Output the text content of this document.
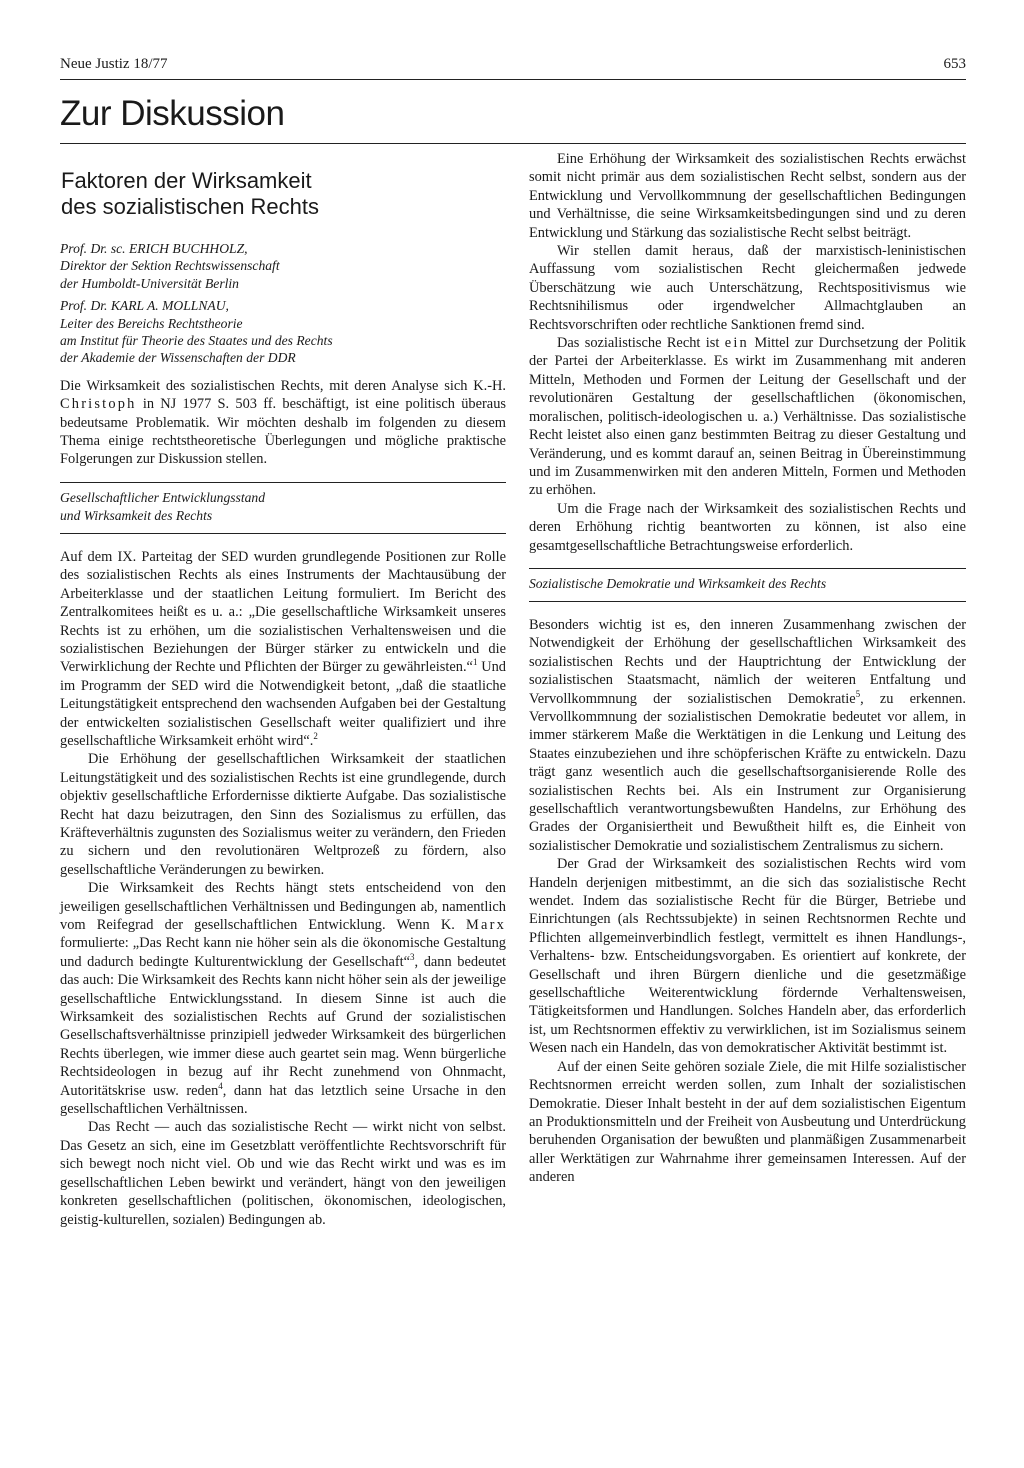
Neue Justiz 18/77	653
Zur Diskussion
Faktoren der Wirksamkeit
des sozialistischen Rechts
Prof. Dr. sc. ERICH BUCHHOLZ,
Direktor der Sektion Rechtswissenschaft
der Humboldt-Universität Berlin
Prof. Dr. KARL A. MOLLNAU,
Leiter des Bereichs Rechtstheorie
am Institut für Theorie des Staates und des Rechts
der Akademie der Wissenschaften der DDR

Die Wirksamkeit des sozialistischen Rechts, mit deren Analyse sich K.-H. Christoph in NJ 1977 S. 503 ff. beschäftigt, ist eine politisch überaus bedeutsame Problematik. Wir möchten deshalb im folgenden zu diesem Thema einige rechtstheoretische Überlegungen und mögliche praktische Folgerungen zur Diskussion stellen.

Gesellschaftlicher Entwicklungsstand
und Wirksamkeit des Rechts

Auf dem IX. Parteitag der SED wurden grundlegende Positionen zur Rolle des sozialistischen Rechts als eines Instruments der Machtausübung der Arbeiterklasse und der staatlichen Leitung formuliert. Im Bericht des Zentralkomitees heißt es u. a.: „Die gesellschaftliche Wirksamkeit unseres Rechts ist zu erhöhen, um die sozialistischen Verhaltensweisen und die sozialistischen Beziehungen der Bürger stärker zu entwickeln und die Verwirklichung der Rechte und Pflichten der Bürger zu gewährleisten.“$^1$ Und im Programm der SED wird die Notwendigkeit betont, „daß die staatliche Leitungstätigkeit entsprechend den wachsenden Aufgaben bei der Gestaltung der entwickelten sozialistischen Gesellschaft weiter qualifiziert und ihre gesellschaftliche Wirksamkeit erhöht wird“.$^2$

Die Erhöhung der gesellschaftlichen Wirksamkeit der staatlichen Leitungstätigkeit und des sozialistischen Rechts ist eine grundlegende, durch objektiv gesellschaftliche Erfordernisse diktierte Aufgabe. Das sozialistische Recht hat dazu beizutragen, den Sinn des Sozialismus zu erfüllen, das Kräfteverhältnis zugunsten des Sozialismus weiter zu verändern, den Frieden zu sichern und den revolutionären Weltprozeß zu fördern, also gesellschaftliche Veränderungen zu bewirken.

Die Wirksamkeit des Rechts hängt stets entscheidend von den jeweiligen gesellschaftlichen Verhältnissen und Bedingungen ab, namentlich vom Reifegrad der gesellschaftlichen Entwicklung. Wenn K. Marx formulierte: „Das Recht kann nie höher sein als die ökonomische Gestaltung und dadurch bedingte Kulturentwicklung der Gesellschaft“$^3$, dann bedeutet das auch: Die Wirksamkeit des Rechts kann nicht höher sein als der jeweilige gesellschaftliche Entwicklungsstand. In diesem Sinne ist auch die Wirksamkeit des sozialistischen Rechts auf Grund der sozialistischen Gesellschaftsverhältnisse prinzipiell jedweder Wirksamkeit des bürgerlichen Rechts überlegen, wie immer diese auch geartet sein mag. Wenn bürgerliche Rechtsideologen in bezug auf ihr Recht zunehmend von Ohnmacht, Autoritätskrise usw. reden$^4$, dann hat das letztlich seine Ursache in den gesellschaftlichen Verhältnissen.

Das Recht — auch das sozialistische Recht — wirkt nicht von selbst. Das Gesetz an sich, eine im Gesetzblatt veröffentlichte Rechtsvorschrift für sich bewegt noch nicht viel. Ob und wie das Recht wirkt und was es im gesellschaftlichen Leben bewirkt und verändert, hängt von den jeweiligen konkreten gesellschaftlichen (politischen, ökonomischen, ideologischen, geistig-kulturellen, sozialen) Bedingungen ab.

Eine Erhöhung der Wirksamkeit des sozialistischen Rechts erwächst somit nicht primär aus dem sozialistischen Recht selbst, sondern aus der Entwicklung und Vervollkommnung der gesellschaftlichen Bedingungen und Verhältnisse, die seine Wirksamkeitsbedingungen sind und zu deren Entwicklung und Stärkung das sozialistische Recht selbst beiträgt.

Wir stellen damit heraus, daß der marxistisch-leninistischen Auffassung vom sozialistischen Recht gleichermaßen jedwede Überschätzung wie auch Unterschätzung, Rechtspositivismus wie Rechtsnihilismus oder irgendwelcher Allmachtglauben an Rechtsvorschriften oder rechtliche Sanktionen fremd sind.

Das sozialistische Recht ist ein Mittel zur Durchsetzung der Politik der Partei der Arbeiterklasse. Es wirkt im Zusammenhang mit anderen Mitteln, Methoden und Formen der Leitung der Gesellschaft und der revolutionären Gestaltung der gesellschaftlichen (ökonomischen, moralischen, politisch-ideologischen u. a.) Verhältnisse. Das sozialistische Recht leistet also einen ganz bestimmten Beitrag zu dieser Gestaltung und Veränderung, und es kommt darauf an, seinen Beitrag in Übereinstimmung und im Zusammenwirken mit den anderen Mitteln, Formen und Methoden zu erhöhen.

Um die Frage nach der Wirksamkeit des sozialistischen Rechts und deren Erhöhung richtig beantworten zu können, ist also eine gesamtgesellschaftliche Betrachtungsweise erforderlich.

Sozialistische Demokratie und Wirksamkeit des Rechts

Besonders wichtig ist es, den inneren Zusammenhang zwischen der Notwendigkeit der Erhöhung der gesellschaftlichen Wirksamkeit des sozialistischen Rechts und der Hauptrichtung der Entwicklung der sozialistischen Staatsmacht, nämlich der weiteren Entfaltung und Vervollkommnung der sozialistischen Demokratie$^5$, zu erkennen. Vervollkommnung der sozialistischen Demokratie bedeutet vor allem, in immer stärkerem Maße die Werktätigen in die Lenkung und Leitung des Staates einzubeziehen und ihre schöpferischen Kräfte zu entwickeln. Dazu trägt ganz wesentlich auch die gesellschaftsorganisierende Rolle des sozialistischen Rechts bei. Als ein Instrument zur Organisierung gesellschaftlich verantwortungsbewußten Handelns, zur Erhöhung des Grades der Organisiertheit und Bewußtheit hilft es, die Einheit von sozialistischer Demokratie und sozialistischem Zentralismus zu sichern.

Der Grad der Wirksamkeit des sozialistischen Rechts wird vom Handeln derjenigen mitbestimmt, an die sich das sozialistische Recht wendet. Indem das sozialistische Recht für die Bürger, Betriebe und Einrichtungen (als Rechtssubjekte) in seinen Rechtsnormen Rechte und Pflichten allgemeinverbindlich festlegt, vermittelt es ihnen Handlungs-, Verhaltens- bzw. Entscheidungsvorgaben. Es orientiert auf konkrete, der Gesellschaft und ihren Bürgern dienliche und die gesetzmäßige gesellschaftliche Weiterentwicklung fördernde Verhaltensweisen, Tätigkeitsformen und Handlungen. Solches Handeln aber, das erforderlich ist, um Rechtsnormen effektiv zu verwirklichen, ist im Sozialismus seinem Wesen nach ein Handeln, das von demokratischer Aktivität bestimmt ist.

Auf der einen Seite gehören soziale Ziele, die mit Hilfe sozialistischer Rechtsnormen erreicht werden sollen, zum Inhalt der sozialistischen Demokratie. Dieser Inhalt besteht in der auf dem sozialistischen Eigentum an Produktionsmitteln und der Freiheit von Ausbeutung und Unterdrückung beruhenden Organisation der bewußten und planmäßigen Zusammenarbeit aller Werktätigen zur Wahrnahme ihrer gemeinsamen Interessen. Auf der anderen
